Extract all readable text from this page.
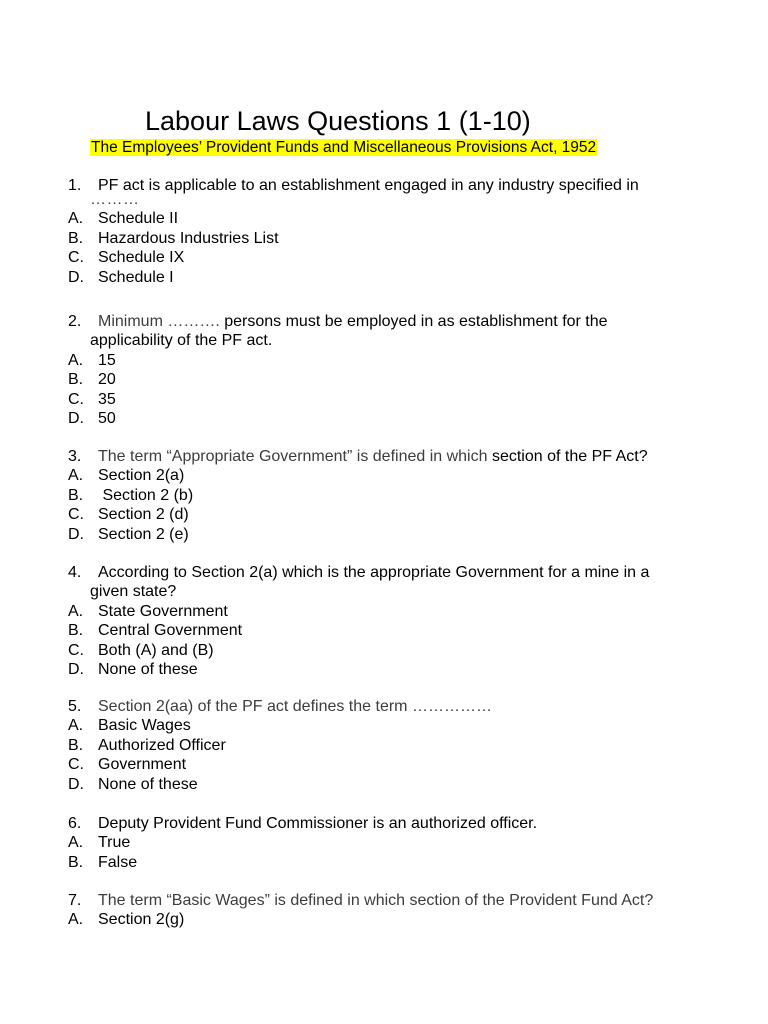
Labour Laws Questions 1 (1-10)
The Employees’ Provident Funds and Miscellaneous Provisions Act, 1952
1.	PF act is applicable to an establishment engaged in any industry specified in
………
A. Schedule II
B. Hazardous Industries List
C. Schedule IX
D. Schedule I
2.	Minimum ………. persons must be employed in as establishment for the
applicability of the PF act.
A. 15
B. 20
C. 35
D. 50
3.	The term “Appropriate Government” is defined in which section of the PF Act?
A. Section 2(a)
B. Section 2 (b)
C. Section 2 (d)
D. Section 2 (e)
4.	According to Section 2(a) which is the appropriate Government for a mine in a
given state?
A. State Government
B. Central Government
C. Both (A) and (B)
D. None of these
5.	Section 2(aa) of the PF act defines the term ……………
A. Basic Wages
B. Authorized Officer
C. Government
D. None of these
6.	Deputy Provident Fund Commissioner is an authorized officer.
A. True
B. False
7.	The term “Basic Wages” is defined in which section of the Provident Fund Act?
A. Section 2(g)
